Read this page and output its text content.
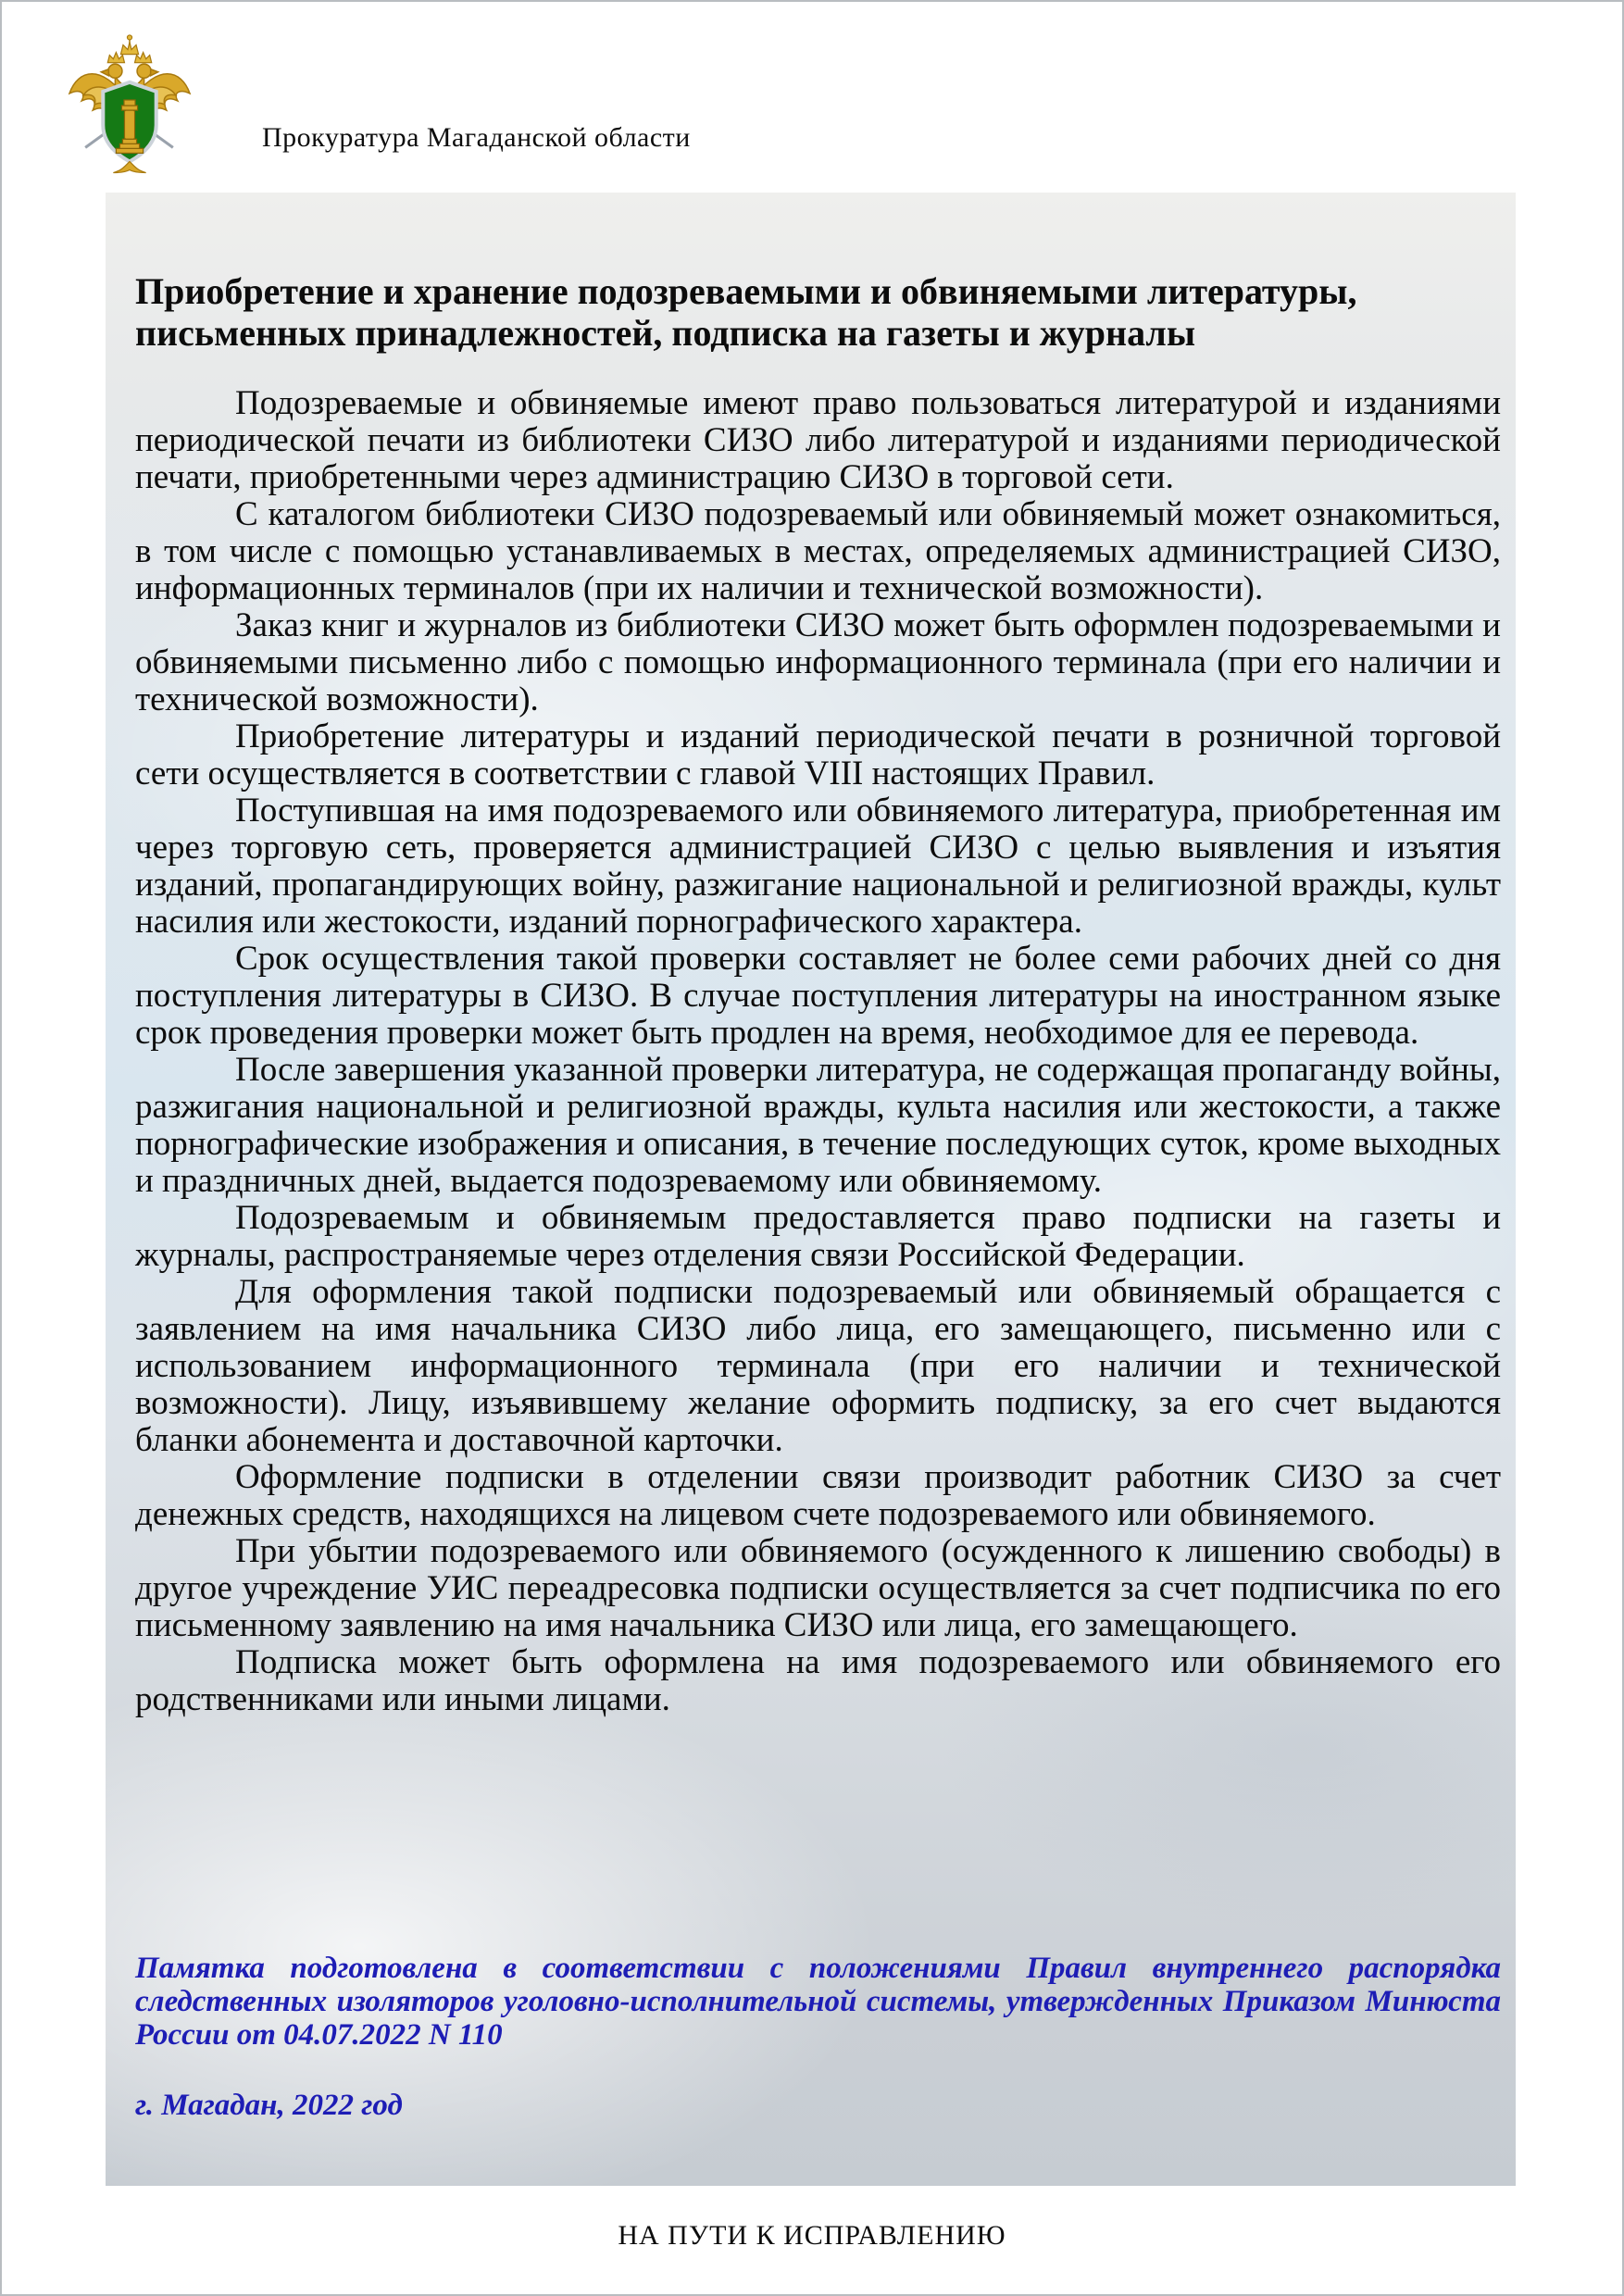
Прокуратура Магаданской области
Приобретение и хранение подозреваемыми и обвиняемыми литературы, письменных принадлежностей, подписка на газеты и журналы

Подозреваемые и обвиняемые имеют право пользоваться литературой и изданиями периодической печати из библиотеки СИЗО либо литературой и изданиями периодической печати, приобретенными через администрацию СИЗО в торговой сети.

С каталогом библиотеки СИЗО подозреваемый или обвиняемый может ознакомиться, в том числе с помощью устанавливаемых в местах, определяемых администрацией СИЗО, информационных терминалов (при их наличии и технической возможности).

Заказ книг и журналов из библиотеки СИЗО может быть оформлен подозреваемыми и обвиняемыми письменно либо с помощью информационного терминала (при его наличии и технической возможности).

Приобретение литературы и изданий периодической печати в розничной торговой сети осуществляется в соответствии с главой VIII настоящих Правил.

Поступившая на имя подозреваемого или обвиняемого литература, приобретенная им через торговую сеть, проверяется администрацией СИЗО с целью выявления и изъятия изданий, пропагандирующих войну, разжигание национальной и религиозной вражды, культ насилия или жестокости, изданий порнографического характера.

Срок осуществления такой проверки составляет не более семи рабочих дней со дня поступления литературы в СИЗО. В случае поступления литературы на иностранном языке срок проведения проверки может быть продлен на время, необходимое для ее перевода.

После завершения указанной проверки литература, не содержащая пропаганду войны, разжигания национальной и религиозной вражды, культа насилия или жестокости, а также порнографические изображения и описания, в течение последующих суток, кроме выходных и праздничных дней, выдается подозреваемому или обвиняемому.

Подозреваемым и обвиняемым предоставляется право подписки на газеты и журналы, распространяемые через отделения связи Российской Федерации.

Для оформления такой подписки подозреваемый или обвиняемый обращается с заявлением на имя начальника СИЗО либо лица, его замещающего, письменно или с использованием информационного терминала (при его наличии и технической возможности). Лицу, изъявившему желание оформить подписку, за его счет выдаются бланки абонемента и доставочной карточки.

Оформление подписки в отделении связи производит работник СИЗО за счет денежных средств, находящихся на лицевом счете подозреваемого или обвиняемого.

При убытии подозреваемого или обвиняемого (осужденного к лишению свободы) в другое учреждение УИС переадресовка подписки осуществляется за счет подписчика по его письменному заявлению на имя начальника СИЗО или лица, его замещающего.

Подписка может быть оформлена на имя подозреваемого или обвиняемого его родственниками или иными лицами.

Памятка подготовлена в соответствии с положениями Правил внутреннего распорядка следственных изоляторов уголовно-исполнительной системы, утвержденных Приказом Минюста России от 04.07.2022 N 110

г. Магадан, 2022 год

НА ПУТИ К ИСПРАВЛЕНИЮ
